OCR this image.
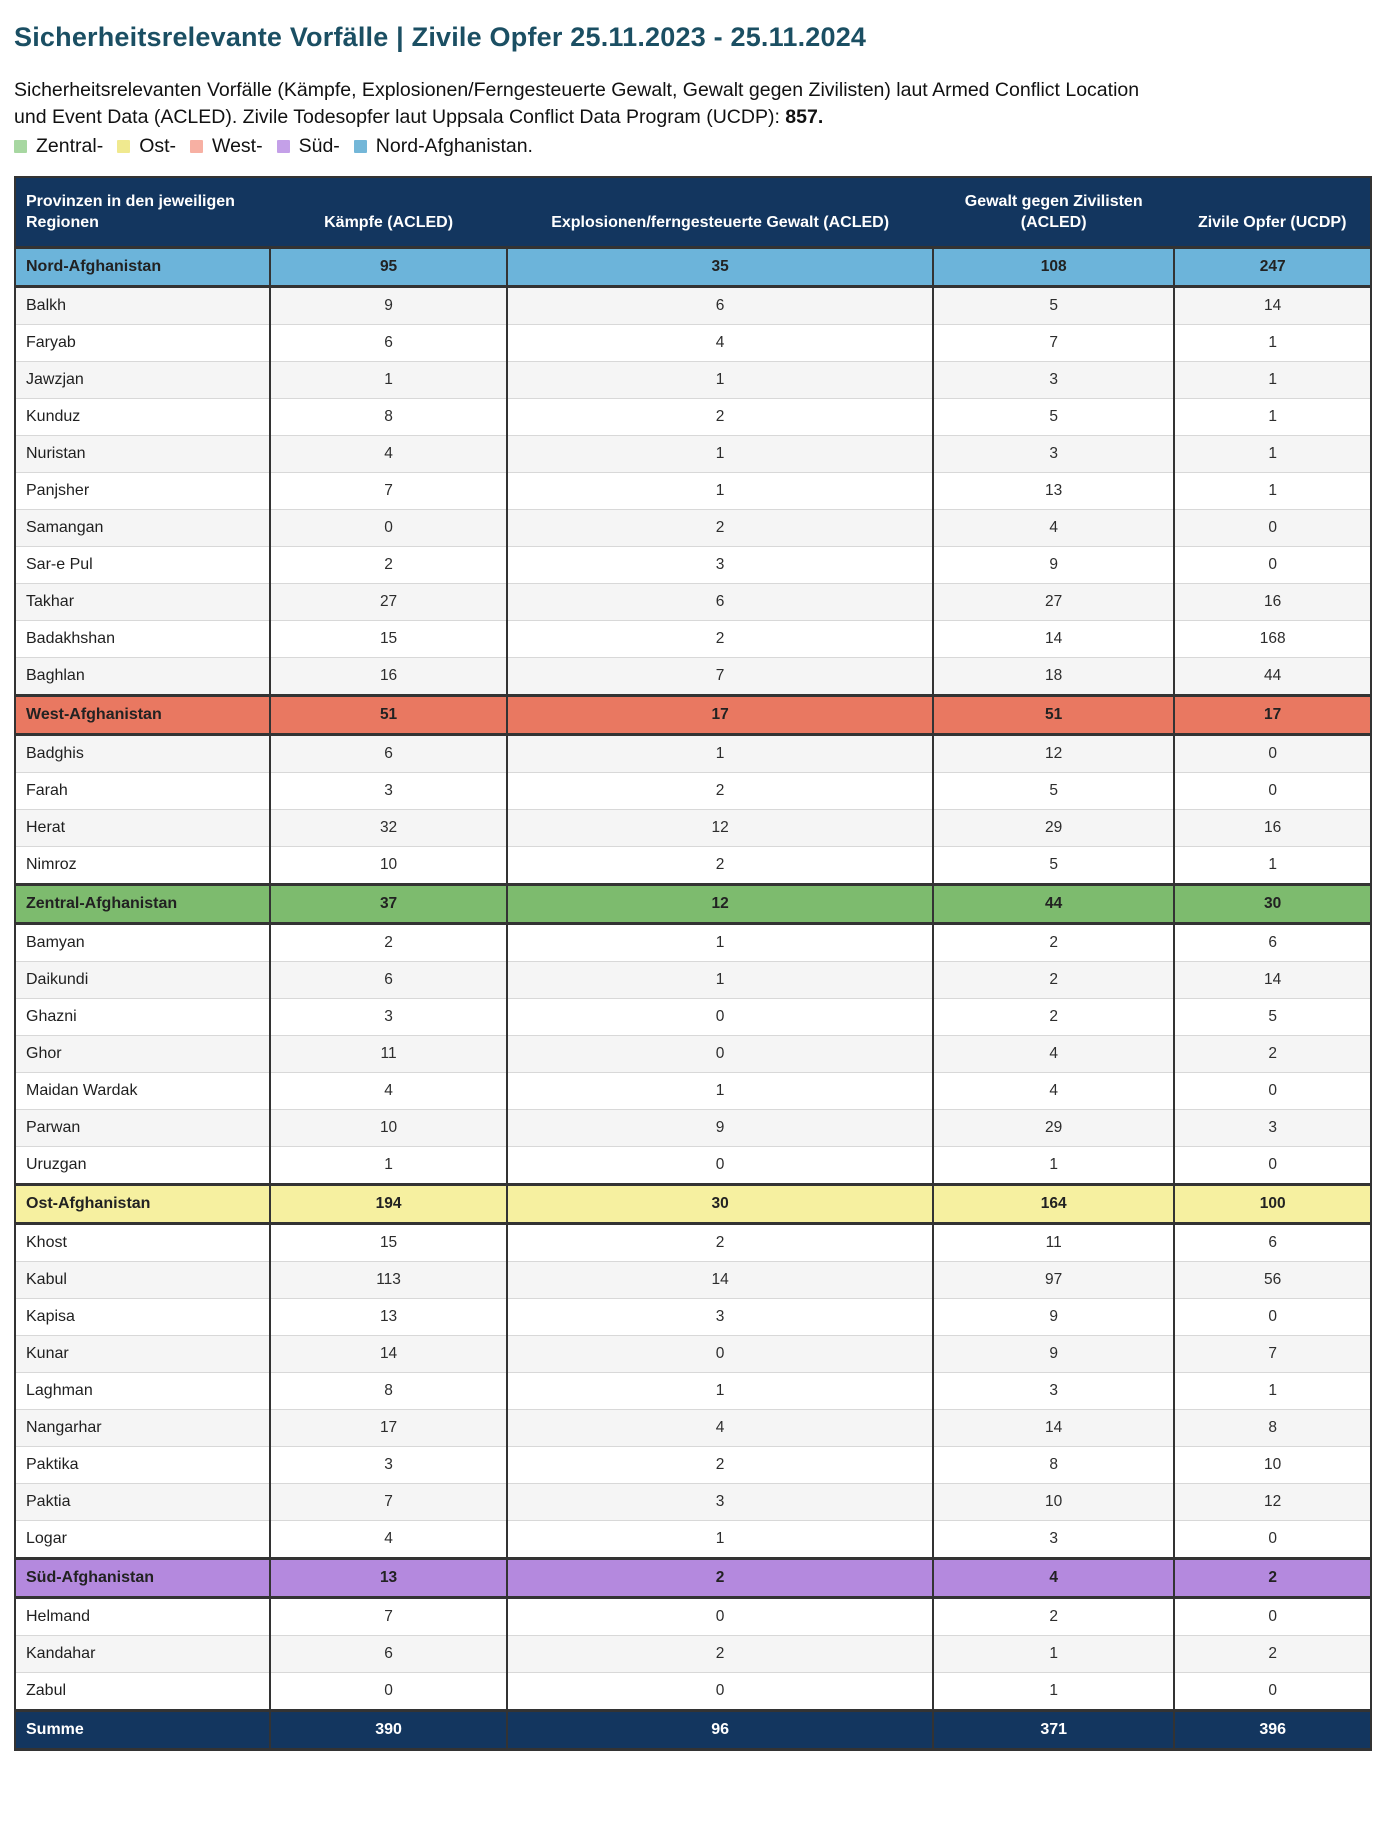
Sicherheitsrelevante Vorfälle | Zivile Opfer 25.11.2023 - 25.11.2024

Sicherheitsrelevanten Vorfälle (Kämpfe, Explosionen/Ferngesteuerte Gewalt, Gewalt gegen Zivilisten) laut Armed Conflict Location und Event Data (ACLED). Zivile Todesopfer laut Uppsala Conflict Data Program (UCDP): 857.

Zentral- Ost- West- Süd- Nord-Afghanistan.
Provinzen in den jeweiligen Regionen	Kämpfe (ACLED)	Explosionen/ferngesteuerte Gewalt (ACLED)	Gewalt gegen Zivilisten (ACLED)	Zivile Opfer (UCDP)
Nord-Afghanistan	95	35	108	247
Balkh	9	6	5	14
Faryab	6	4	7	1
Jawzjan	1	1	3	1
Kunduz	8	2	5	1
Nuristan	4	1	3	1
Panjsher	7	1	13	1
Samangan	0	2	4	0
Sar-e Pul	2	3	9	0
Takhar	27	6	27	16
Badakhshan	15	2	14	168
Baghlan	16	7	18	44
West-Afghanistan	51	17	51	17
Badghis	6	1	12	0
Farah	3	2	5	0
Herat	32	12	29	16
Nimroz	10	2	5	1
Zentral-Afghanistan	37	12	44	30
Bamyan	2	1	2	6
Daikundi	6	1	2	14
Ghazni	3	0	2	5
Ghor	11	0	4	2
Maidan Wardak	4	1	4	0
Parwan	10	9	29	3
Uruzgan	1	0	1	0
Ost-Afghanistan	194	30	164	100
Khost	15	2	11	6
Kabul	113	14	97	56
Kapisa	13	3	9	0
Kunar	14	0	9	7
Laghman	8	1	3	1
Nangarhar	17	4	14	8
Paktika	3	2	8	10
Paktia	7	3	10	12
Logar	4	1	3	0
Süd-Afghanistan	13	2	4	2
Helmand	7	0	2	0
Kandahar	6	2	1	2
Zabul	0	0	1	0
Summe	390	96	371	396
